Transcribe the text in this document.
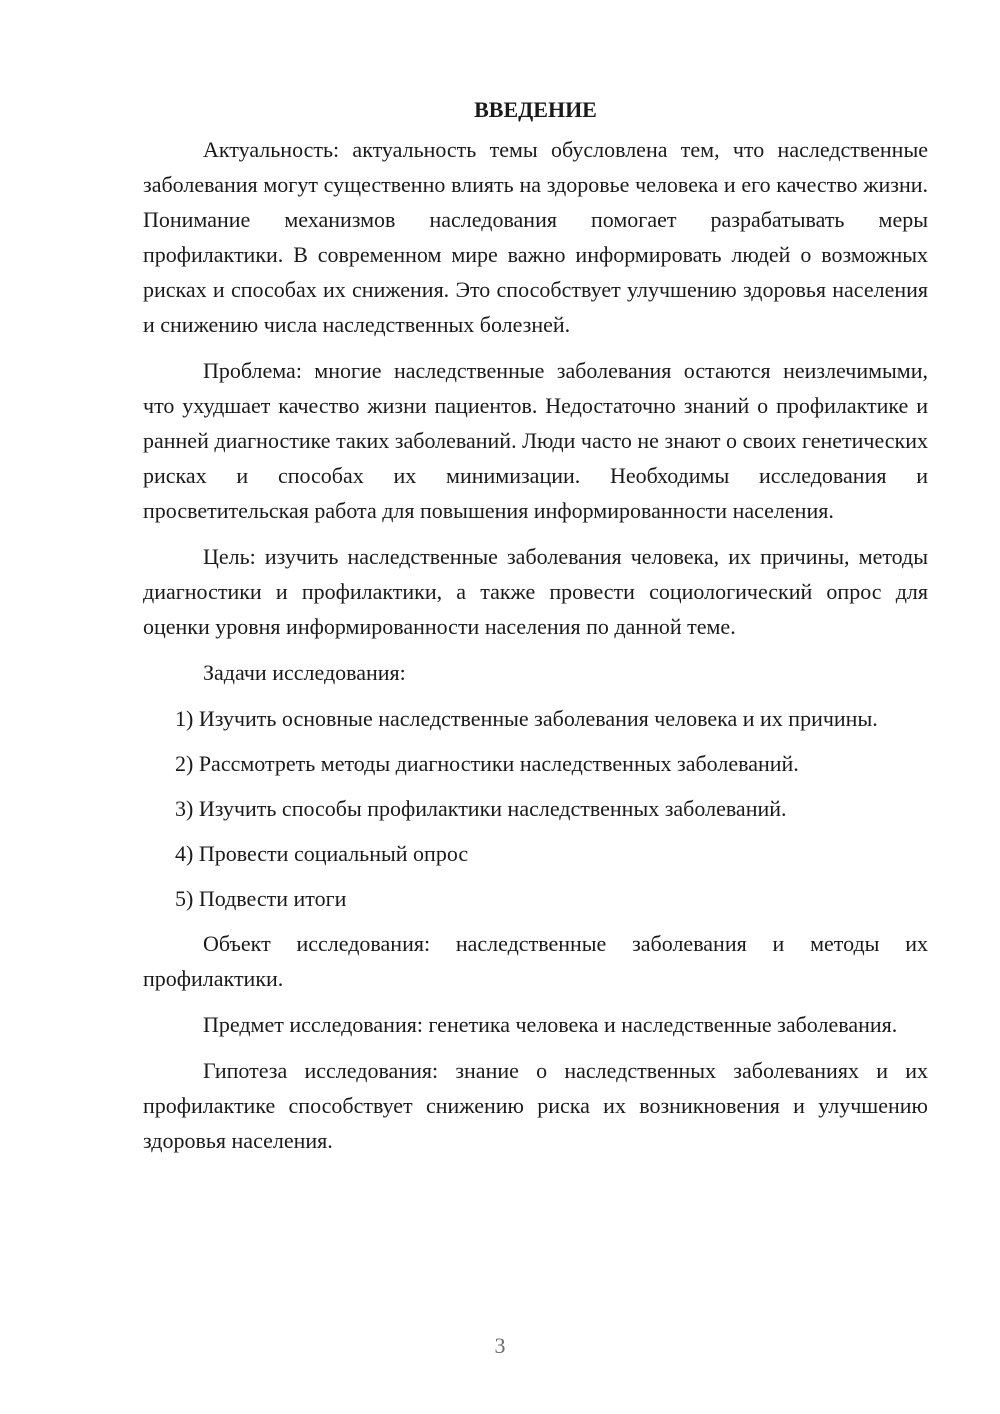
ВВЕДЕНИЕ

Актуальность: актуальность темы обусловлена тем, что наследственные заболевания могут существенно влиять на здоровье человека и его качество жизни. Понимание механизмов наследования помогает разрабатывать меры профилактики. В современном мире важно информировать людей о возможных рисках и способах их снижения. Это способствует улучшению здоровья населения и снижению числа наследственных болезней.

Проблема: многие наследственные заболевания остаются неизлечимыми, что ухудшает качество жизни пациентов. Недостаточно знаний о профилактике и ранней диагностике таких заболеваний. Люди часто не знают о своих генетических рисках и способах их минимизации. Необходимы исследования и просветительская работа для повышения информированности населения.

Цель: изучить наследственные заболевания человека, их причины, методы диагностики и профилактики, а также провести социологический опрос для оценки уровня информированности населения по данной теме.

Задачи исследования:

1) Изучить основные наследственные заболевания человека и их причины.

2) Рассмотреть методы диагностики наследственных заболеваний.

3) Изучить способы профилактики наследственных заболеваний.

4) Провести социальный опрос

5) Подвести итоги

Объект исследования: наследственные заболевания и методы их профилактики.

Предмет исследования: генетика человека и наследственные заболевания.

Гипотеза исследования: знание о наследственных заболеваниях и их профилактике способствует снижению риска их возникновения и улучшению здоровья населения.

3
